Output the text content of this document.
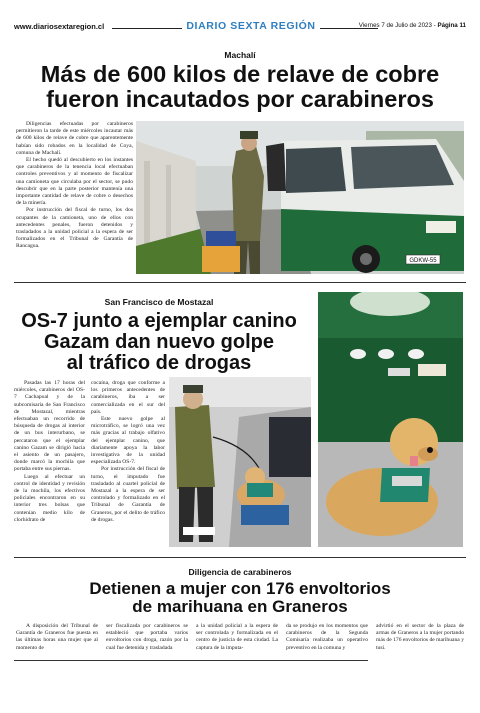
www.diariosextaregion.cl	DIARIO SEXTA REGIÓN	Viernes 7 de Julio de 2023 - Página 11
Machalí
Más de 600 kilos de relave de cobre
fueron incautados por carabineros

Diligencias efectuadas por carabineros permitieron la tarde de este miércoles incautar más de 600 kilos de relave de cobre que aparentemente habían sido robados en la localidad de Coya, comuna de Machalí.

El hecho quedó al descubierto en los instantes que carabineros de la tenencia local efectuaban controles preventivos y al momento de fiscalizar una camioneta que circulaba por el sector, se pudo descubrir que en la parte posterior mantenía una importante cantidad de relave de cobre o desechos de la minería.

Por instrucción del fiscal de turno, los dos ocupantes de la camioneta, uno de ellos con antecedentes penales, fueron detenidos y trasladados a la unidad policial a la espera de ser formalizados en el Tribunal de Garantía de Rancagua.

GDKW-55
San Francisco de Mostazal
OS-7 junto a ejemplar canino
Gazam dan nuevo golpe
al tráfico de drogas

Pasadas las 17 horas del miércoles, carabineros del OS-7 Cachapoal y de la subcomisaría de San Francisco de Mostazal, mientras efectuaban un recorrido de búsqueda de drogas al interior de un bus interurbano, se percataron que el ejemplar canino Gazam se dirigió hacia el asiento de un pasajero, donde marcó la mochila que portaba entre sus piernas.

Luego al efectuar un control de identidad y revisión de la mochila, los efectivos policiales encontraron en su interior tres bolsas que contenían medio kilo de clorhidrato de

cocaína, droga que conforme a los primeros antecedentes de carabineros, iba a ser comercializada en el sur del país.

Este nuevo golpe al microtráfico, se logró una vez más gracias al trabajo olfativo del ejemplar canino, que diariamente apoya la labor investigativa de la unidad especializada OS-7.

Por instrucción del fiscal de turno, el imputado fue trasladado al cuartel policial de Mostazal a la espera de ser controlado y formalizado en el Tribunal de Garantía de Graneros, por el delito de tráfico de drogas.

Diligencia de carabineros
Detienen a mujer con 176 envoltorios
de marihuana en Graneros

A disposición del Tribunal de Garantía de Graneros fue puesta en las últimas horas una mujer que al momento de

ser fiscalizada por carabineros se estableció que portaba varios envoltorios con droga, razón por la cual fue detenida y trasladada

a la unidad policial a la espera de ser controlada y formalizada en el centro de justicia de esta ciudad. La captura de la imputa-

da se produjo en los momentos que carabineros de la Segunda Comisaría realizaba un operativo preventivo en la comuna y

advirtió en el sector de la plaza de armas de Graneros a la mujer portando más de 176 envoltorios de marihuana y tusí.
